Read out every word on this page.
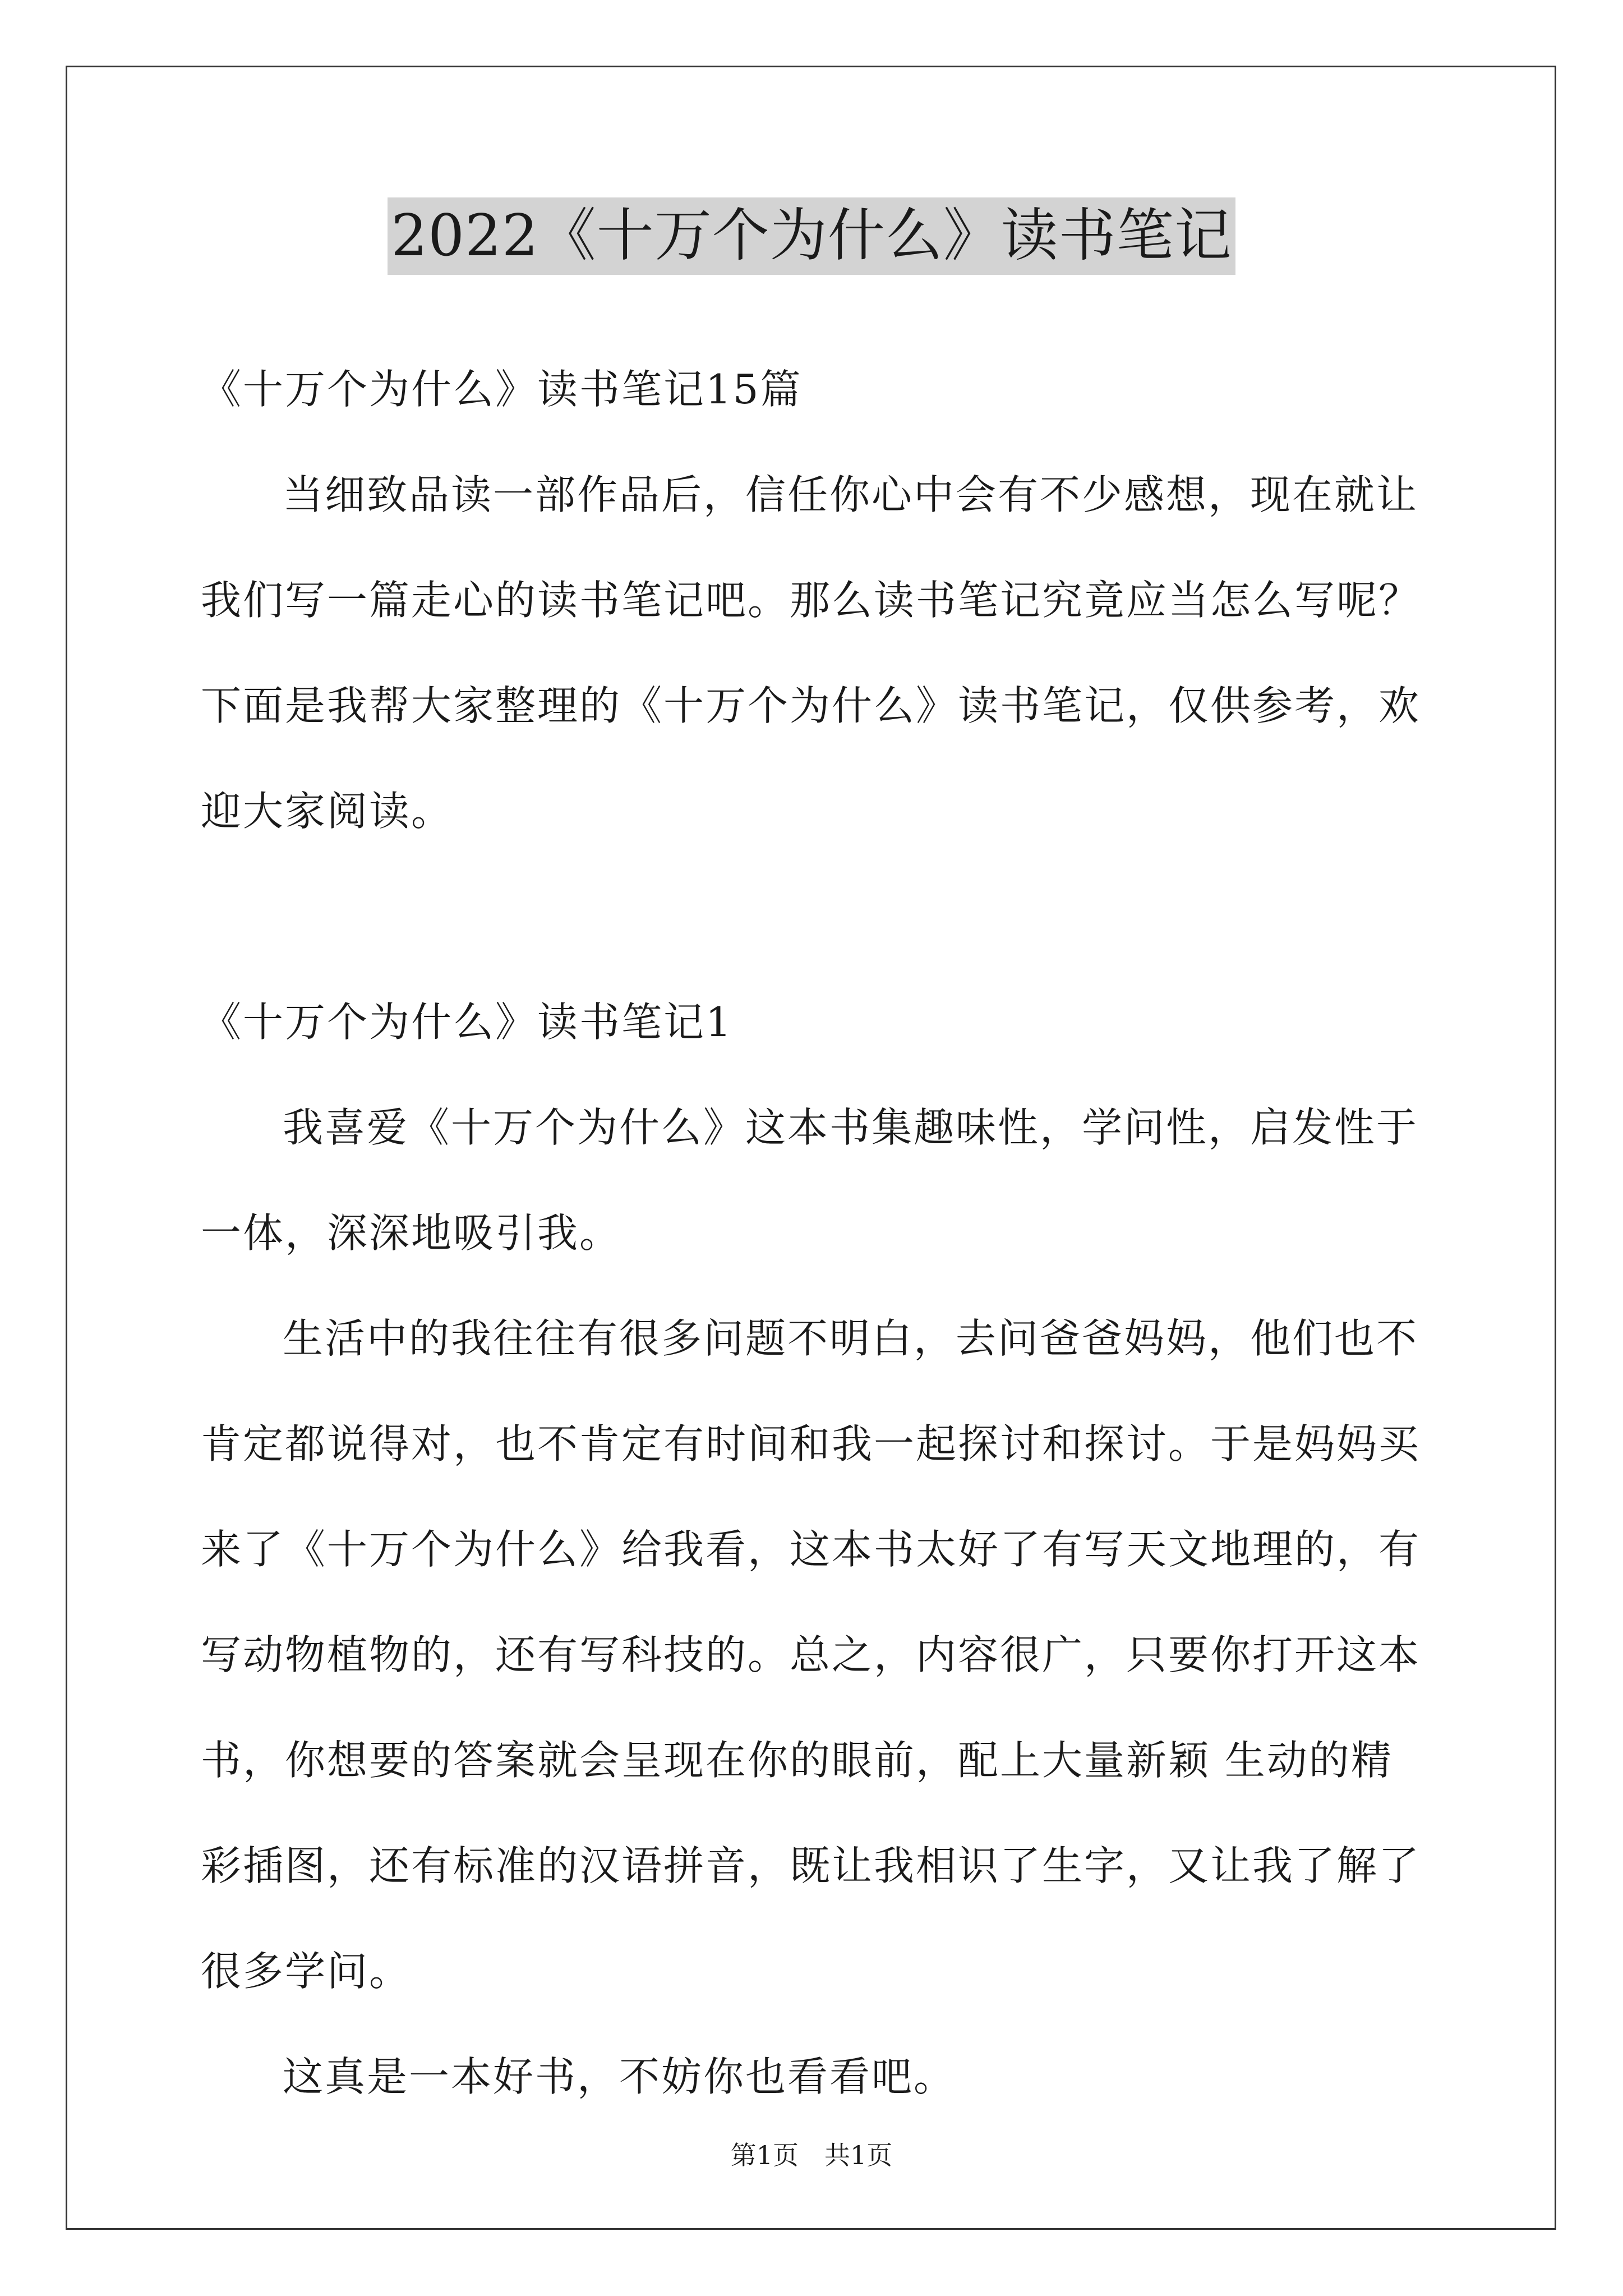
2022《十万个为什么》读书笔记

《十万个为什么》读书笔记15篇

当细致品读一部作品后，信任你心中会有不少感想，现在就让我们写一篇走心的读书笔记吧。那么读书笔记究竟应当怎么写呢？下面是我帮大家整理的《十万个为什么》读书笔记，仅供参考，欢迎大家阅读。

《十万个为什么》读书笔记1

我喜爱《十万个为什么》这本书集趣味性，学问性，启发性于一体，深深地吸引我。

生活中的我往往有很多问题不明白，去问爸爸妈妈，他们也不肯定都说得对，也不肯定有时间和我一起探讨和探讨。于是妈妈买来了《十万个为什么》给我看，这本书太好了有写天文地理的，有写动物植物的，还有写科技的。总之，内容很广，只要你打开这本书，你想要的答案就会呈现在你的眼前，配上大量新颖 生动的精彩插图，还有标准的汉语拼音，既让我相识了生字，又让我了解了很多学问。

这真是一本好书，不妨你也看看吧。

第1页 共1页
